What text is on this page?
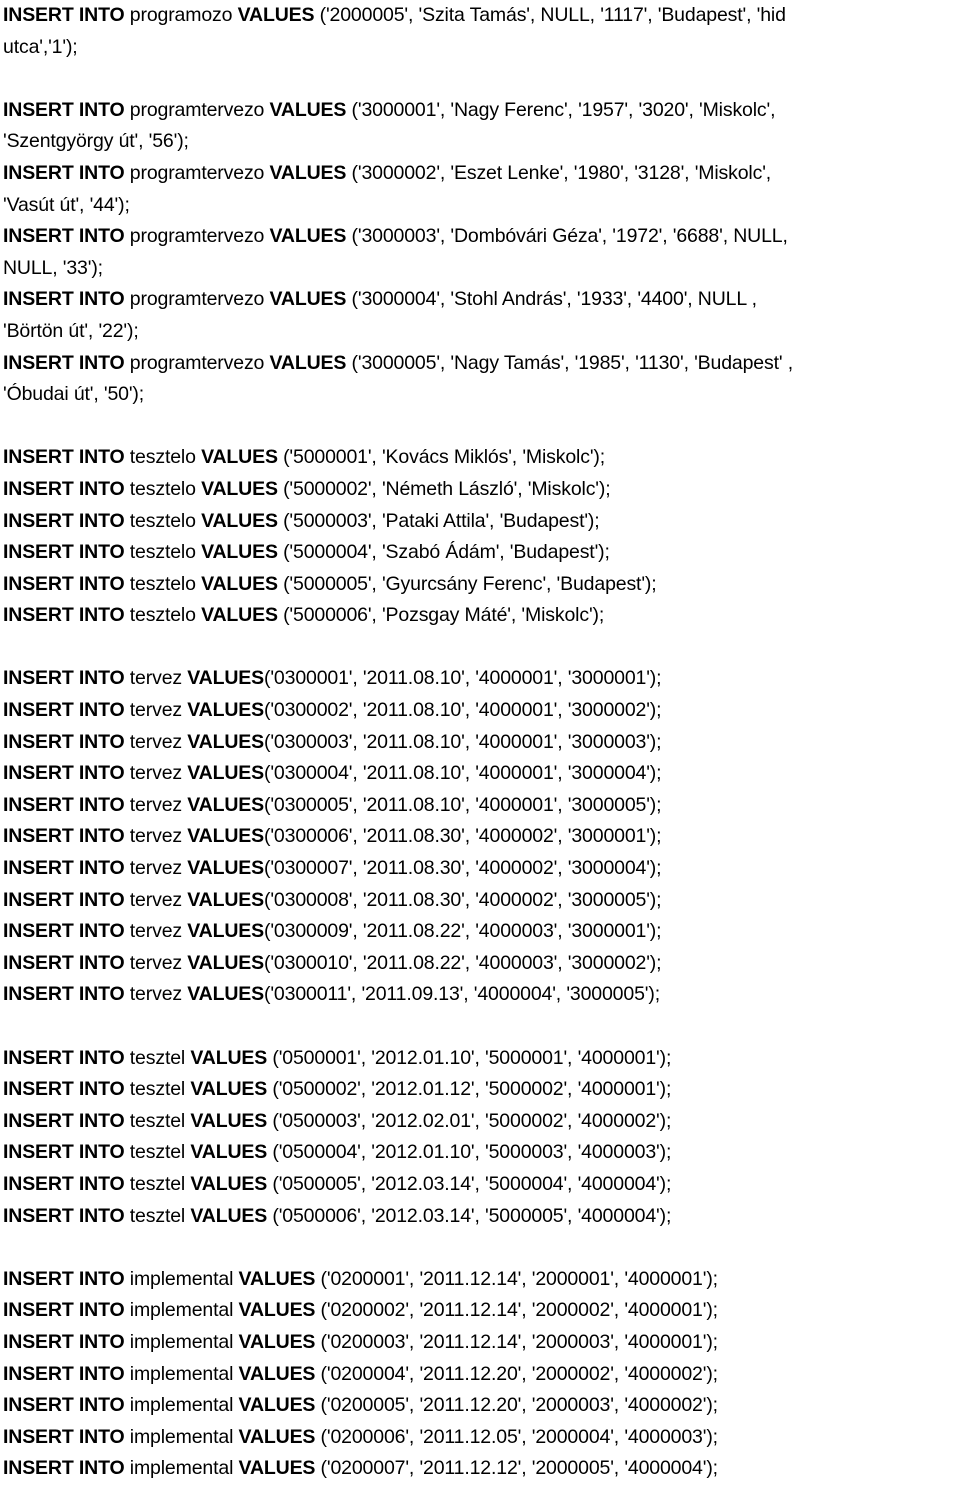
INSERT INTO programozo VALUES ('2000005', 'Szita Tamás', NULL, '1117', 'Budapest', 'hid
utca','1');
INSERT INTO programtervezo VALUES ('3000001', 'Nagy Ferenc', '1957', '3020', 'Miskolc',
'Szentgyörgy út', '56');
INSERT INTO programtervezo VALUES ('3000002', 'Eszet Lenke', '1980', '3128', 'Miskolc',
'Vasút út', '44');
INSERT INTO programtervezo VALUES ('3000003', 'Dombóvári Géza', '1972', '6688', NULL,
NULL, '33');
INSERT INTO programtervezo VALUES ('3000004', 'Stohl András', '1933', '4400', NULL ,
'Börtön út', '22');
INSERT INTO programtervezo VALUES ('3000005', 'Nagy Tamás', '1985', '1130', 'Budapest' ,
'Óbudai út', '50');
INSERT INTO tesztelo VALUES ('5000001', 'Kovács Miklós', 'Miskolc');
INSERT INTO tesztelo VALUES ('5000002', 'Németh László', 'Miskolc');
INSERT INTO tesztelo VALUES ('5000003', 'Pataki Attila', 'Budapest');
INSERT INTO tesztelo VALUES ('5000004', 'Szabó Ádám', 'Budapest');
INSERT INTO tesztelo VALUES ('5000005', 'Gyurcsány Ferenc', 'Budapest');
INSERT INTO tesztelo VALUES ('5000006', 'Pozsgay Máté', 'Miskolc');
INSERT INTO tervez VALUES('0300001', '2011.08.10', '4000001', '3000001');
INSERT INTO tervez VALUES('0300002', '2011.08.10', '4000001', '3000002');
INSERT INTO tervez VALUES('0300003', '2011.08.10', '4000001', '3000003');
INSERT INTO tervez VALUES('0300004', '2011.08.10', '4000001', '3000004');
INSERT INTO tervez VALUES('0300005', '2011.08.10', '4000001', '3000005');
INSERT INTO tervez VALUES('0300006', '2011.08.30', '4000002', '3000001');
INSERT INTO tervez VALUES('0300007', '2011.08.30', '4000002', '3000004');
INSERT INTO tervez VALUES('0300008', '2011.08.30', '4000002', '3000005');
INSERT INTO tervez VALUES('0300009', '2011.08.22', '4000003', '3000001');
INSERT INTO tervez VALUES('0300010', '2011.08.22', '4000003', '3000002');
INSERT INTO tervez VALUES('0300011', '2011.09.13', '4000004', '3000005');
INSERT INTO tesztel VALUES ('0500001', '2012.01.10', '5000001', '4000001');
INSERT INTO tesztel VALUES ('0500002', '2012.01.12', '5000002', '4000001');
INSERT INTO tesztel VALUES ('0500003', '2012.02.01', '5000002', '4000002');
INSERT INTO tesztel VALUES ('0500004', '2012.01.10', '5000003', '4000003');
INSERT INTO tesztel VALUES ('0500005', '2012.03.14', '5000004', '4000004');
INSERT INTO tesztel VALUES ('0500006', '2012.03.14', '5000005', '4000004');
INSERT INTO implemental VALUES ('0200001', '2011.12.14', '2000001', '4000001');
INSERT INTO implemental VALUES ('0200002', '2011.12.14', '2000002', '4000001');
INSERT INTO implemental VALUES ('0200003', '2011.12.14', '2000003', '4000001');
INSERT INTO implemental VALUES ('0200004', '2011.12.20', '2000002', '4000002');
INSERT INTO implemental VALUES ('0200005', '2011.12.20', '2000003', '4000002');
INSERT INTO implemental VALUES ('0200006', '2011.12.05', '2000004', '4000003');
INSERT INTO implemental VALUES ('0200007', '2011.12.12', '2000005', '4000004');
